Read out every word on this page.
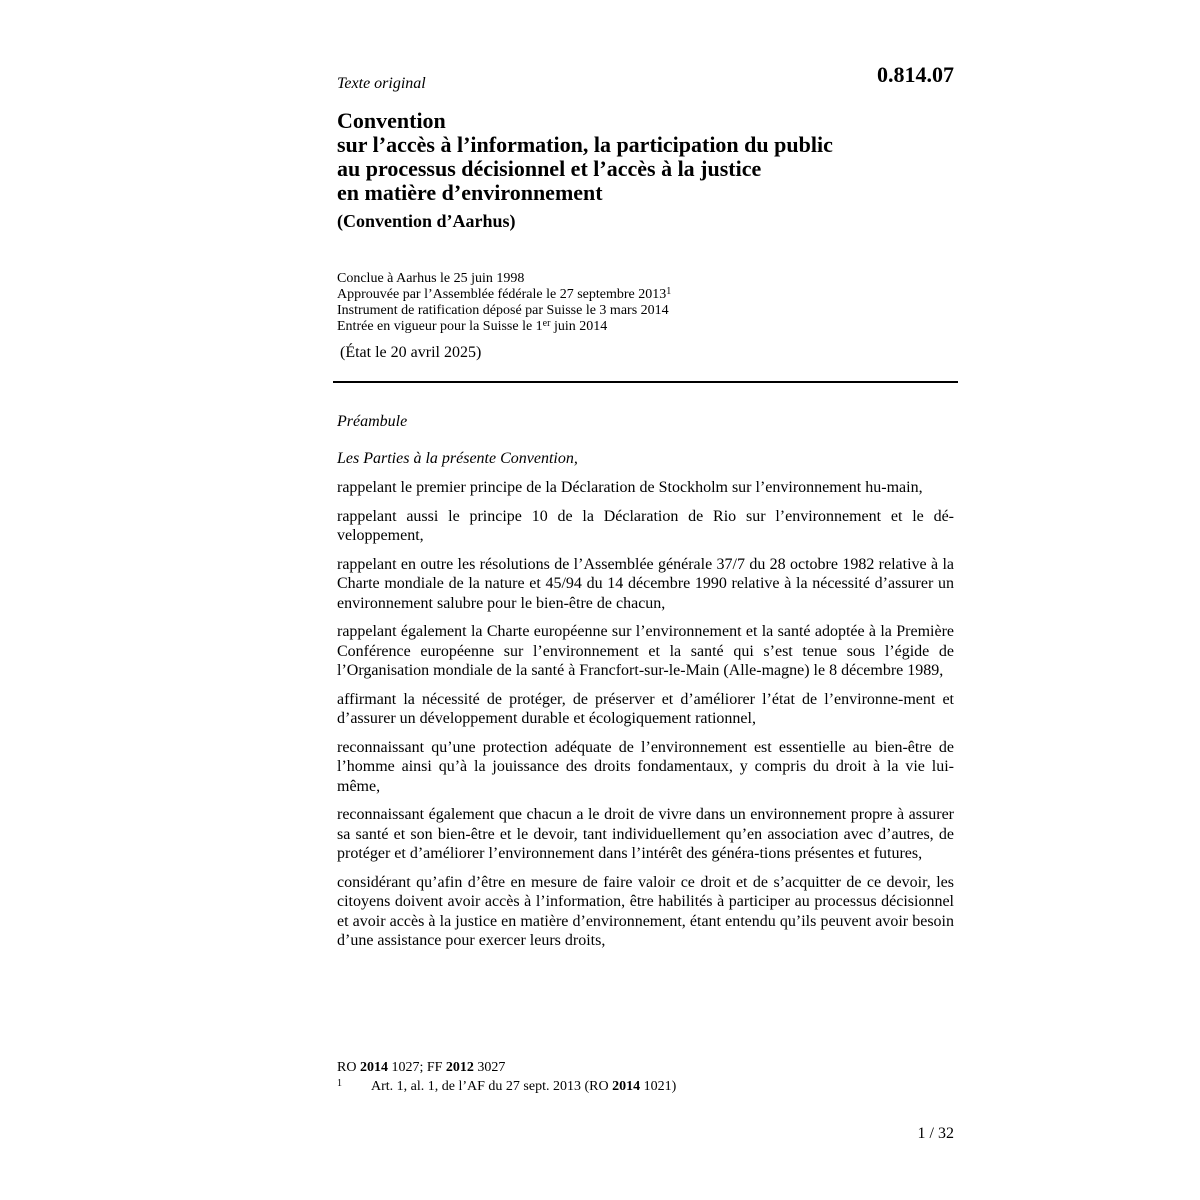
Texte original	0.814.07
Convention
sur l’accès à l’information, la participation du public
au processus décisionnel et l’accès à la justice
en matière d’environnement
(Convention d’Aarhus)
Conclue à Aarhus le 25 juin 1998
Approuvée par l’Assemblée fédérale le 27 septembre 2013$^1$
Instrument de ratification déposé par Suisse le 3 mars 2014
Entrée en vigueur pour la Suisse le 1er juin 2014
(État le 20 avril 2025)
Préambule
Les Parties à la présente Convention,

rappelant le premier principe de la Déclaration de Stockholm sur l’environnement hu-main,

rappelant aussi le principe 10 de la Déclaration de Rio sur l’environnement et le dé-veloppement,

rappelant en outre les résolutions de l’Assemblée générale 37/7 du 28 octobre 1982 relative à la Charte mondiale de la nature et 45/94 du 14 décembre 1990 relative à la nécessité d’assurer un environnement salubre pour le bien-être de chacun,

rappelant également la Charte européenne sur l’environnement et la santé adoptée à la Première Conférence européenne sur l’environnement et la santé qui s’est tenue sous l’égide de l’Organisation mondiale de la santé à Francfort-sur-le-Main (Alle-magne) le 8 décembre 1989,

affirmant la nécessité de protéger, de préserver et d’améliorer l’état de l’environne-ment et d’assurer un développement durable et écologiquement rationnel,

reconnaissant qu’une protection adéquate de l’environnement est essentielle au bien-être de l’homme ainsi qu’à la jouissance des droits fondamentaux, y compris du droit à la vie lui-même,

reconnaissant également que chacun a le droit de vivre dans un environnement propre à assurer sa santé et son bien-être et le devoir, tant individuellement qu’en association avec d’autres, de protéger et d’améliorer l’environnement dans l’intérêt des généra-tions présentes et futures,

considérant qu’afin d’être en mesure de faire valoir ce droit et de s’acquitter de ce devoir, les citoyens doivent avoir accès à l’information, être habilités à participer au processus décisionnel et avoir accès à la justice en matière d’environnement, étant entendu qu’ils peuvent avoir besoin d’une assistance pour exercer leurs droits,

RO 2014 1027; FF 2012 3027
1 Art. 1, al. 1, de l’AF du 27 sept. 2013 (RO 2014 1021)
1 / 32
